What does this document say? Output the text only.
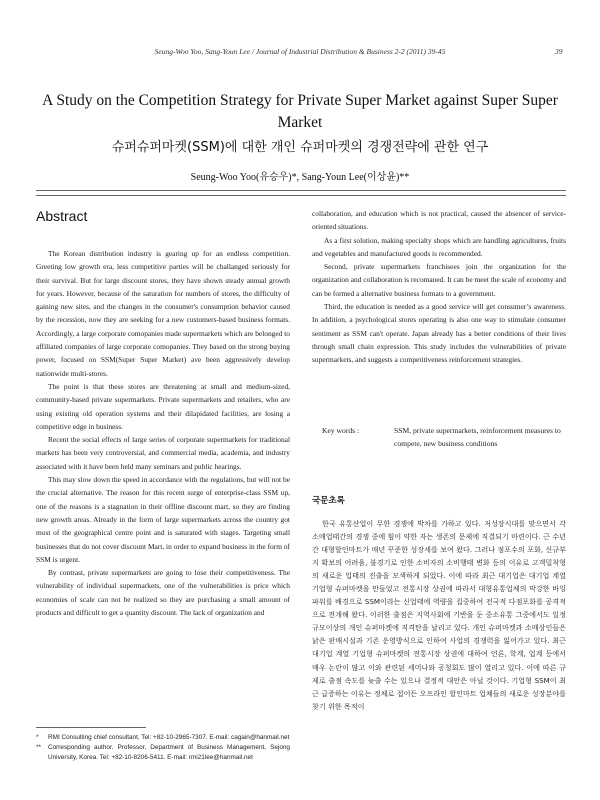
Seung-Woo Yoo, Sang-Youn Lee / Journal of Industrial Distribution & Business 2-2 (2011) 39-45	39
A Study on the Competition Strategy for Private Super Market against Super Super Market
슈퍼슈퍼마켓(SSM)에 대한 개인 슈퍼마켓의 경쟁전략에 관한 연구
Seung-Woo Yoo(유승우)*, Sang-Youn Lee(이상윤)**
Abstract

The Korean distribution industry is gearing up for an endless competition. Greeting low growth era, less competitive parties will be challanged seriously for their survival. But for large discount stores, they have shown steady annual growth for years. However, because of the saturation for numbers of stores, the difficulty of gaining new sites, and the changes in the consumer's consumption behavior caused by the recession, now they are seeking for a new customers-based business formats. Accordingly, a large corporate comopanies made supermarkets which are belonged to affiliated companies of large corporate comopanies. They based on the strong buying power, focused on SSM(Super Super Market) ave been aggressively develop nationwide multi-stores.

The point is that these stores are threatening at small and medium-sized, community-based private supermarkets. Private supermarkets and retailers, who are using existing old operation systems and their dilapidated facilities, are losing a competitive edge in business.

Recent the social effects of large series of corporate supermarkets for traditional markets has been very controversial, and commercial media, academia, and industry associated with it have been held many seminars and public hearings.

This may slow down the speed in accordance with the regulations, but will not be the crucial alternative. The reason for this recent surge of enterprise-class SSM up, one of the reasons is a stagnation in their offline discount mart, so they are finding new growth areas. Already in the form of large supermarkets across the country got most of the geographical centre point and is saturated with stages. Targeting small businesses that do not cover discount Mart, in order to expand business in the form of SSM is urgent.

By contrast, private supermarkets are going to lose their competitiveness. The vulnerability of individual supermarkets, one of the vulnerabilities is price which economies of scale can not be realized so they are purchasing a small amount of products and difficult to get a quantity discount. The lack of organization and

collaboration, and education which is not practical, caused the absencer of service-oriented situations.

As a first solution, making specialty shops which are handling agricultures, fruits and vegetables and manufactured goods is recommended.

Second, private supermarkets franchisees join the organization for the organization and collaboration is recomaned. It can be meet the scale of economy and can be formed a alternative business formats to a government.

Third, the education is needed as a good service will get consumer’s awareness. In addition, a psychological stores operating is also one way to stimulate consumer sentiment as SSM can't operate. Japan already has a better conditions of their lives through small chain expression. This study includes the vulnerabilities of private supermarkets, and suggests a competitiveness reinforcement strategies.

Key words :	SSM, private supermarkets, reinforcement measures to compete, new business conditions
국문초록

한국 유통산업이 무한 경쟁에 박차를 가하고 있다. 저성장시대를 맞으면서 각 소매업태간의 경쟁 중에 힘이 약한 자는 생존의 문제에 직결되기 마련이다. 근 수년간 대형할인마트가 매년 꾸준한 성장세를 보여 왔다. 그러나 점포수의 포화, 신규부지 확보의 어려움, 불경기로 인한 소비자의 소비행태 변화 등의 이유로 고객밀착형의 새로운 업태의 진출을 모색하게 되었다. 이에 따라 최근 대기업은 대기업 계열 기업형 슈퍼마켓을 만들었고 전통시장 상권에 따라서 대형유통업체의 막강한 바잉파워를 배경으로 SSM이라는 신업태에 역량을 집중하여 전국적 다점포화를 공격적으로 전개해 왔다. 이러한 출점은 지역사회에 기반을 둔 중소유통 그중에서도 일정규모이상의 개인 슈퍼마켓에 직격탄을 날리고 있다. 개인 슈퍼마켓과 소매상인들은 낡은 판매시설과 기존 운영방식으로 인하여 사업의 경쟁력을 잃어가고 있다. 최근 대기업 계열 기업형 슈퍼마켓의 전통시장 상권에 대하여 언론, 학계, 업계 등에서 매우 논란이 많고 이와 관련된 세미나와 공청회도 많이 열리고 있다. 이에 따른 규제로 출점 속도를 늦출 수는 있으나 결정적 대안은 아닐 것이다. 기업형 SSM이 최근 급증하는 이유는 정체로 접어든 오프라인 할인마트 업체들의 새로운 성장분야를 찾기 위한 목적이

*	RMI Consulting chief consultant, Tel: +82-10-2965-7307. E-mail: cagain@hanmail.net
**	Corresponding author. Professor, Department of Business Management, Sejong University, Korea. Tel: +82-10-8206-5411. E-mail: rmi21lee@hanmail.net
